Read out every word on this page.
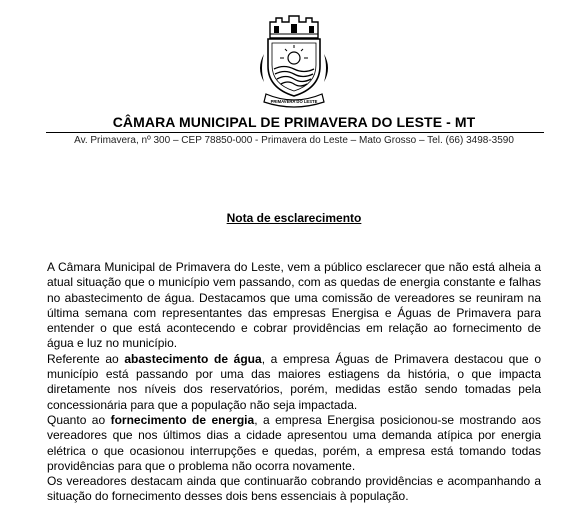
PRIMAVERA DO LESTE
CÂMARA MUNICIPAL DE PRIMAVERA DO LESTE - MT
Av. Primavera, nº 300 – CEP 78850-000 - Primavera do Leste – Mato Grosso – Tel. (66) 3498-3590
Nota de esclarecimento

A Câmara Municipal de Primavera do Leste, vem a público esclarecer que não está alheia a atual situação que o município vem passando, com as quedas de energia constante e falhas no abastecimento de água. Destacamos que uma comissão de vereadores se reuniram na última semana com representantes das empresas Energisa e Águas de Primavera para entender o que está acontecendo e cobrar providências em relação ao fornecimento de água e luz no município.

Referente ao abastecimento de água, a empresa Águas de Primavera destacou que o município está passando por uma das maiores estiagens da história, o que impacta diretamente nos níveis dos reservatórios, porém, medidas estão sendo tomadas pela concessionária para que a população não seja impactada.

Quanto ao fornecimento de energia, a empresa Energisa posicionou-se mostrando aos vereadores que nos últimos dias a cidade apresentou uma demanda atípica por energia elétrica o que ocasionou interrupções e quedas, porém, a empresa está tomando todas providências para que o problema não ocorra novamente.

Os vereadores destacam ainda que continuarão cobrando providências e acompanhando a situação do fornecimento desses dois bens essenciais à população.
